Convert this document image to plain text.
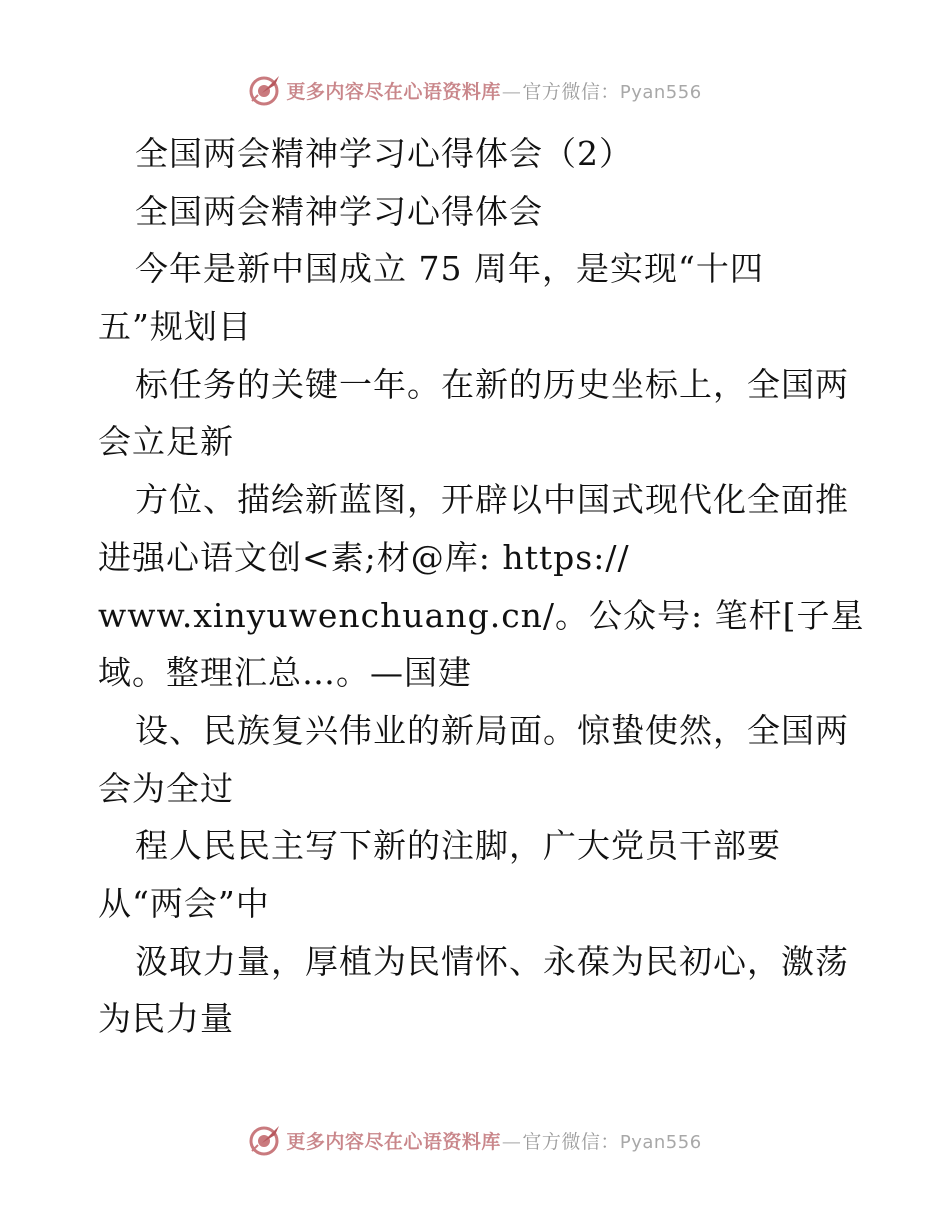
更多内容尽在心语资料库—官方微信：Pyan556
全国两会精神学习心得体会（2）
全国两会精神学习心得体会
今年是新中国成立 75 周年，是实现“十四
五”规划目
标任务的关键一年。在新的历史坐标上，全国两
会立足新
方位、描绘新蓝图，开辟以中国式现代化全面推
进强心语文创<素;材@库: https://
www.xinyuwenchuang.cn/。公众号: 笔杆[子星
域。整理汇总…。—国建
设、民族复兴伟业的新局面。惊蛰使然，全国两
会为全过
程人民民主写下新的注脚，广大党员干部要
从“两会”中
汲取力量，厚植为民情怀、永葆为民初心，激荡
为民力量
更多内容尽在心语资料库—官方微信：Pyan556
